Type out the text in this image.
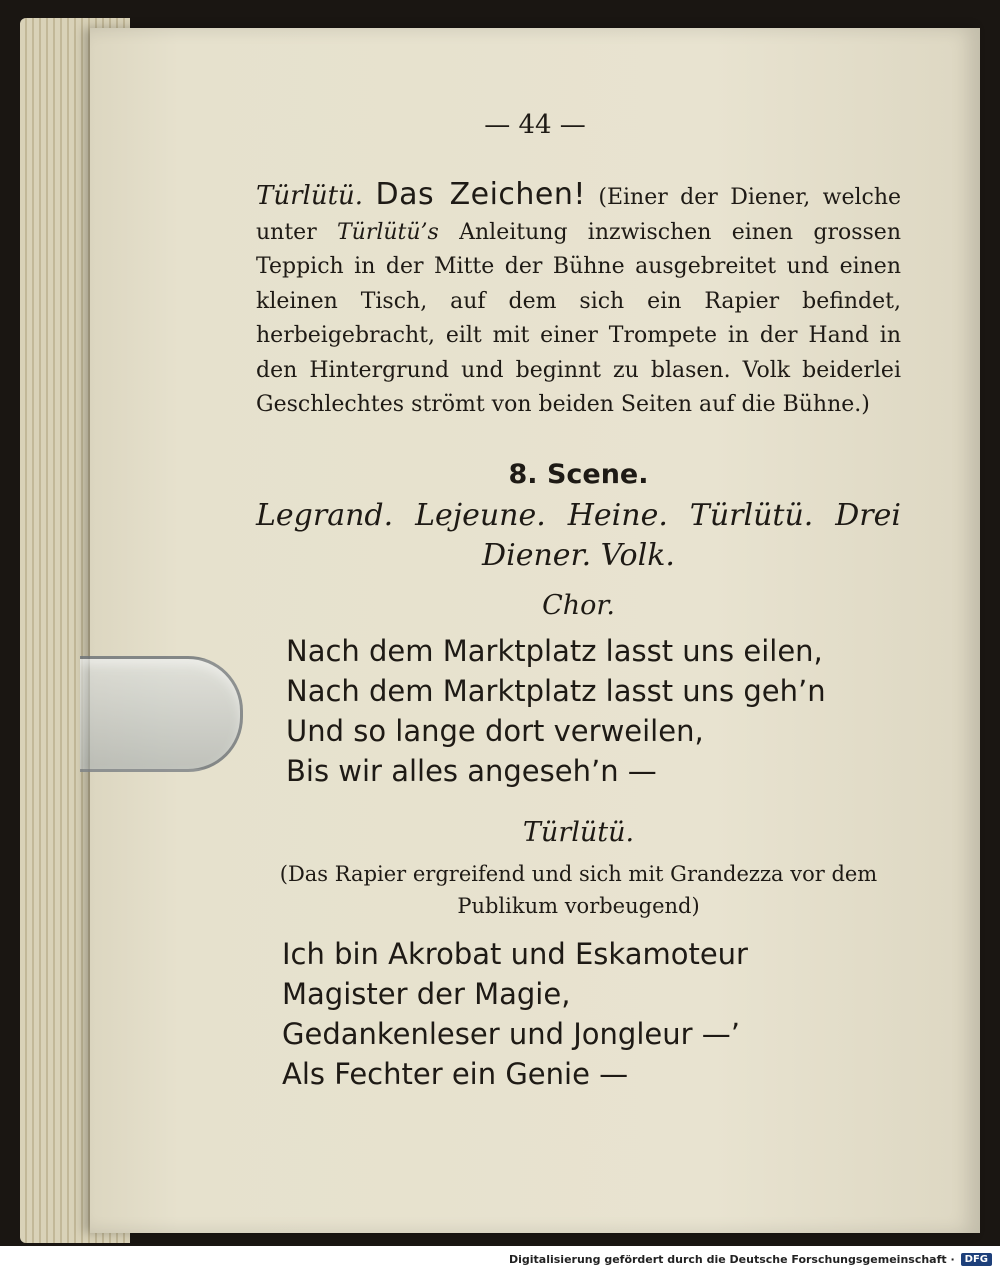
— 44 —

Türlütü. Das Zeichen! (Einer der Diener, welche unter Türlütü’s Anleitung inzwischen einen grossen Teppich in der Mitte der Bühne ausgebreitet und einen kleinen Tisch, auf dem sich ein Rapier befindet, herbeigebracht, eilt mit einer Trompete in der Hand in den Hintergrund und beginnt zu blasen. Volk beiderlei Geschlechtes strömt von beiden Seiten auf die Bühne.)

8. Scene.

Legrand. Lejeune. Heine. Türlütü. Drei Diener. Volk.

Chor.
Nach dem Marktplatz lasst uns eilen,
Nach dem Marktplatz lasst uns geh’n
Und so lange dort verweilen,
Bis wir alles angeseh’n —
Türlütü.
(Das Rapier ergreifend und sich mit Grandezza vor dem Publikum vorbeugend)
Ich bin Akrobat und Eskamoteur
Magister der Magie,
Gedankenleser und Jongleur —’
Als Fechter ein Genie —
Digitalisierung gefördert durch die Deutsche Forschungsgemeinschaft ·	DFG
